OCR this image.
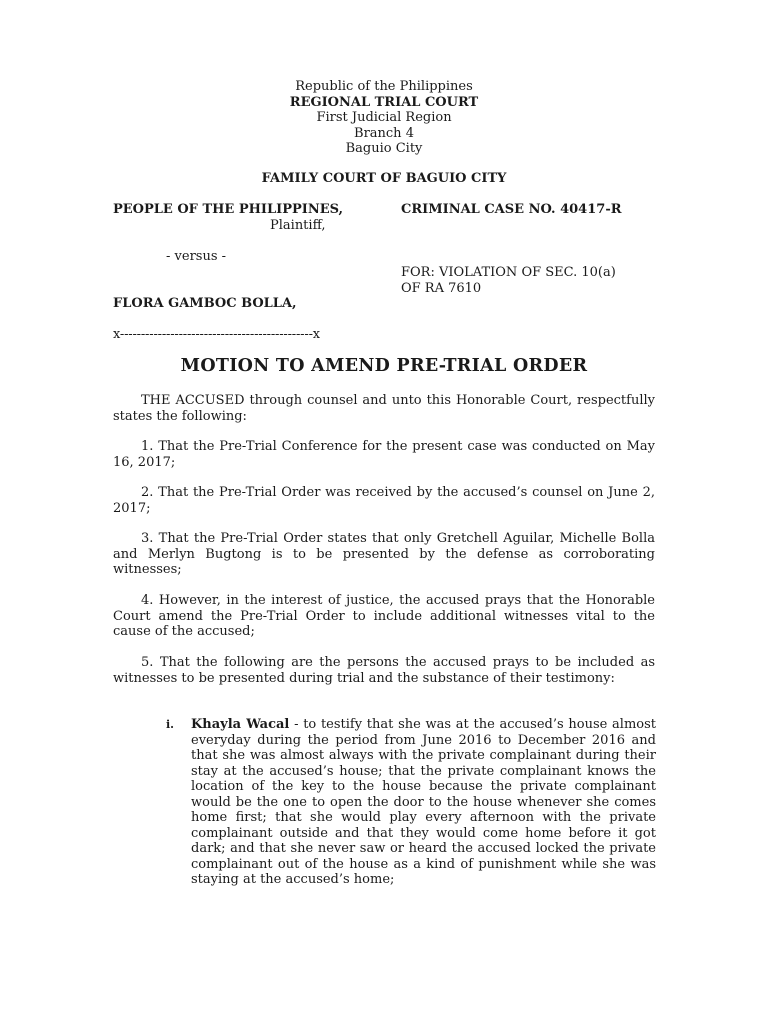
Republic of the Philippines
REGIONAL TRIAL COURT
First Judicial Region
Branch 4
Baguio City
FAMILY COURT OF BAGUIO CITY
PEOPLE OF THE PHILIPPINES,
Plaintiff,
CRIMINAL CASE NO. 40417-R
- versus -
FOR: VIOLATION OF SEC. 10(a)
OF RA 7610
FLORA GAMBOC BOLLA,
x----------------------------------------------x
MOTION TO AMEND PRE-TRIAL ORDER
THE ACCUSED through counsel and unto this Honorable Court, respectfully states the following:
1. That the Pre-Trial Conference for the present case was conducted on May 16, 2017;
2. That the Pre-Trial Order was received by the accused’s counsel on June 2, 2017;
3. That the Pre-Trial Order states that only Gretchell Aguilar, Michelle Bolla and Merlyn Bugtong is to be presented by the defense as corroborating witnesses;
4. However, in the interest of justice, the accused prays that the Honorable Court amend the Pre-Trial Order to include additional witnesses vital to the cause of the accused;
5. That the following are the persons the accused prays to be included as witnesses to be presented during trial and the substance of their testimony:
i. Khayla Wacal - to testify that she was at the accused’s house almost everyday during the period from June 2016 to December 2016 and that she was almost always with the private complainant during their stay at the accused’s house; that the private complainant knows the location of the key to the house because the private complainant would be the one to open the door to the house whenever she comes home first; that she would play every afternoon with the private complainant outside and that they would come home before it got dark; and that she never saw or heard the accused locked the private complainant out of the house as a kind of punishment while she was staying at the accused’s home;
